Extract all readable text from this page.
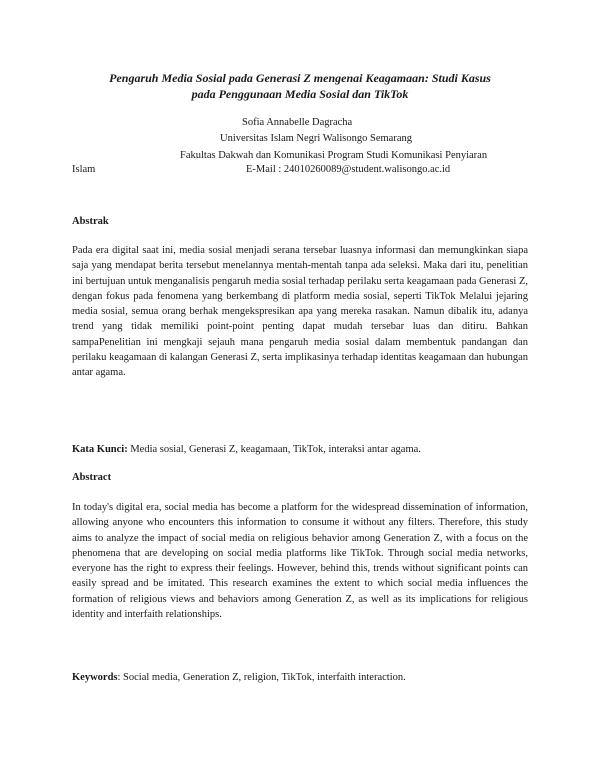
Pengaruh Media Sosial pada Generasi Z mengenai Keagamaan: Studi Kasus
pada Penggunaan Media Sosial dan TikTok
Sofia Annabelle Dagracha
Universitas Islam Negri Walisongo Semarang
Fakultas Dakwah dan Komunikasi Program Studi Komunikasi Penyiaran
Islam	E-Mail : 24010260089@student.walisongo.ac.id
Abstrak

Pada era digital saat ini, media sosial menjadi serana tersebar luasnya informasi dan memungkinkan siapa saja yang mendapat berita tersebut menelannya mentah-mentah tanpa ada seleksi. Maka dari itu, penelitian ini bertujuan untuk menganalisis pengaruh media sosial terhadap perilaku serta keagamaan pada Generasi Z, dengan fokus pada fenomena yang berkembang di platform media sosial, seperti TikTok Melalui jejaring media sosial, semua orang berhak mengekspresikan apa yang mereka rasakan. Namun dibalik itu, adanya trend yang tidak memiliki point-point penting dapat mudah tersebar luas dan ditiru. Bahkan sampaPenelitian ini mengkaji sejauh mana pengaruh media sosial dalam membentuk pandangan dan perilaku keagamaan di kalangan Generasi Z, serta implikasinya terhadap identitas keagamaan dan hubungan antar agama.

Kata Kunci: Media sosial, Generasi Z, keagamaan, TikTok, interaksi antar agama.
Abstract

In today's digital era, social media has become a platform for the widespread dissemination of information, allowing anyone who encounters this information to consume it without any filters. Therefore, this study aims to analyze the impact of social media on religious behavior among Generation Z, with a focus on the phenomena that are developing on social media platforms like TikTok. Through social media networks, everyone has the right to express their feelings. However, behind this, trends without significant points can easily spread and be imitated. This research examines the extent to which social media influences the formation of religious views and behaviors among Generation Z, as well as its implications for religious identity and interfaith relationships.

Keywords: Social media, Generation Z, religion, TikTok, interfaith interaction.
